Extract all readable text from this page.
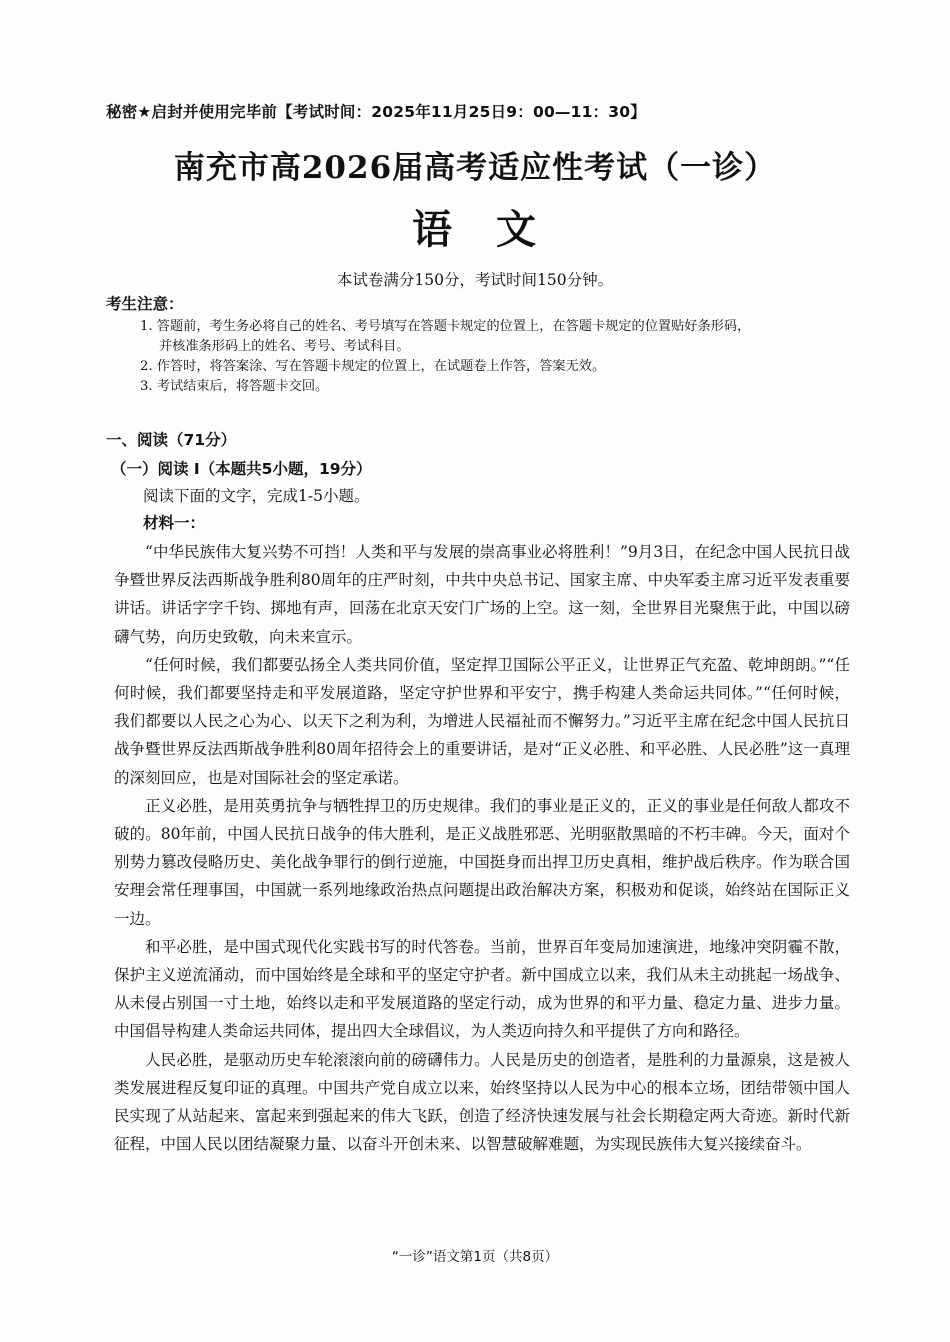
秘密★启封并使用完毕前【考试时间：2025年11月25日9：00—11：30】
南充市高2026届高考适应性考试（一诊）
语　文
本试卷满分150分，考试时间150分钟。
考生注意：
1. 答题前，考生务必将自己的姓名、考号填写在答题卡规定的位置上，在答题卡规定的位置贴好条形码，
并核准条形码上的姓名、考号、考试科目。
2. 作答时，将答案涂、写在答题卡规定的位置上，在试题卷上作答，答案无效。
3. 考试结束后，将答题卡交回。
一、阅读（71分）
（一）阅读 I（本题共5小题，19分）
阅读下面的文字，完成1-5小题。
材料一：

“中华民族伟大复兴势不可挡！人类和平与发展的崇高事业必将胜利！”9月3日，在纪念中国人民抗日战争暨世界反法西斯战争胜利80周年的庄严时刻，中共中央总书记、国家主席、中央军委主席习近平发表重要讲话。讲话字字千钧、掷地有声，回荡在北京天安门广场的上空。这一刻，全世界目光聚焦于此，中国以磅礴气势，向历史致敬，向未来宣示。

“任何时候，我们都要弘扬全人类共同价值，坚定捍卫国际公平正义，让世界正气充盈、乾坤朗朗。”“任何时候，我们都要坚持走和平发展道路，坚定守护世界和平安宁，携手构建人类命运共同体。”“任何时候，我们都要以人民之心为心、以天下之利为利，为增进人民福祉而不懈努力。”习近平主席在纪念中国人民抗日战争暨世界反法西斯战争胜利80周年招待会上的重要讲话，是对“正义必胜、和平必胜、人民必胜”这一真理的深刻回应，也是对国际社会的坚定承诺。

正义必胜，是用英勇抗争与牺牲捍卫的历史规律。我们的事业是正义的，正义的事业是任何敌人都攻不破的。80年前，中国人民抗日战争的伟大胜利，是正义战胜邪恶、光明驱散黑暗的不朽丰碑。今天，面对个别势力篡改侵略历史、美化战争罪行的倒行逆施，中国挺身而出捍卫历史真相，维护战后秩序。作为联合国安理会常任理事国，中国就一系列地缘政治热点问题提出政治解决方案，积极劝和促谈，始终站在国际正义一边。

和平必胜，是中国式现代化实践书写的时代答卷。当前，世界百年变局加速演进，地缘冲突阴霾不散，保护主义逆流涌动，而中国始终是全球和平的坚定守护者。新中国成立以来，我们从未主动挑起一场战争、从未侵占别国一寸土地，始终以走和平发展道路的坚定行动，成为世界的和平力量、稳定力量、进步力量。中国倡导构建人类命运共同体，提出四大全球倡议，为人类迈向持久和平提供了方向和路径。

人民必胜，是驱动历史车轮滚滚向前的磅礴伟力。人民是历史的创造者，是胜利的力量源泉，这是被人类发展进程反复印证的真理。中国共产党自成立以来，始终坚持以人民为中心的根本立场，团结带领中国人民实现了从站起来、富起来到强起来的伟大飞跃，创造了经济快速发展与社会长期稳定两大奇迹。新时代新征程，中国人民以团结凝聚力量、以奋斗开创未来、以智慧破解难题，为实现民族伟大复兴接续奋斗。

“一诊”语文第1页（共8页）
